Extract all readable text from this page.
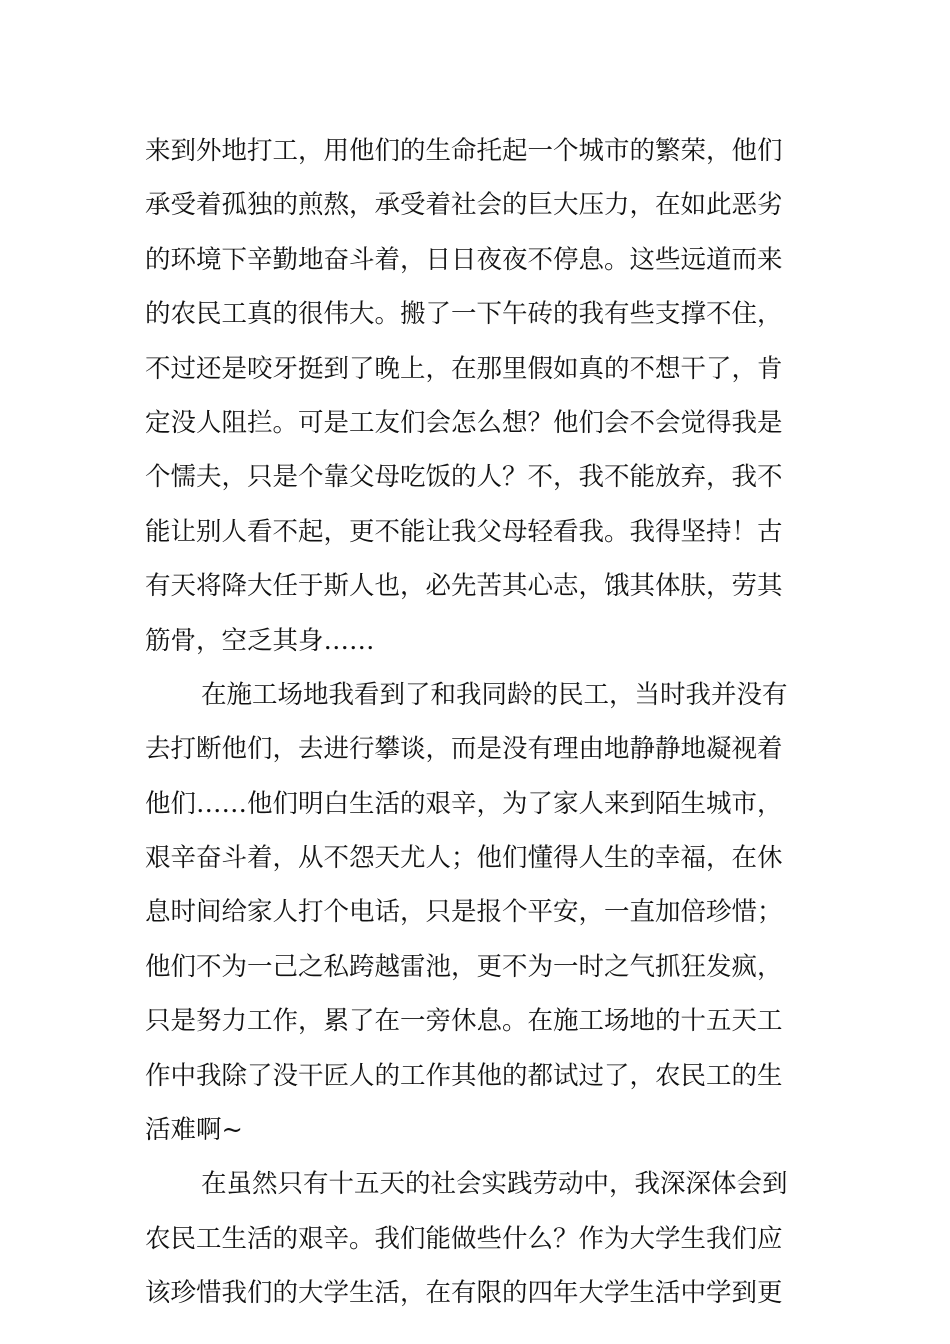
来到外地打工，用他们的生命托起一个城市的繁荣，他们
承受着孤独的煎熬，承受着社会的巨大压力，在如此恶劣
的环境下辛勤地奋斗着，日日夜夜不停息。这些远道而来
的农民工真的很伟大。搬了一下午砖的我有些支撑不住，
不过还是咬牙挺到了晚上，在那里假如真的不想干了，肯
定没人阻拦。可是工友们会怎么想？他们会不会觉得我是
个懦夫，只是个靠父母吃饭的人？不，我不能放弃，我不
能让别人看不起，更不能让我父母轻看我。我得坚持！古
有天将降大任于斯人也，必先苦其心志，饿其体肤，劳其
筋骨，空乏其身……
在施工场地我看到了和我同龄的民工，当时我并没有
去打断他们，去进行攀谈，而是没有理由地静静地凝视着
他们……他们明白生活的艰辛，为了家人来到陌生城市，
艰辛奋斗着，从不怨天尤人；他们懂得人生的幸福，在休
息时间给家人打个电话，只是报个平安，一直加倍珍惜；
他们不为一己之私跨越雷池，更不为一时之气抓狂发疯，
只是努力工作，累了在一旁休息。在施工场地的十五天工
作中我除了没干匠人的工作其他的都试过了，农民工的生
活难啊~
在虽然只有十五天的社会实践劳动中，我深深体会到
农民工生活的艰辛。我们能做些什么？作为大学生我们应
该珍惜我们的大学生活，在有限的四年大学生活中学到更
